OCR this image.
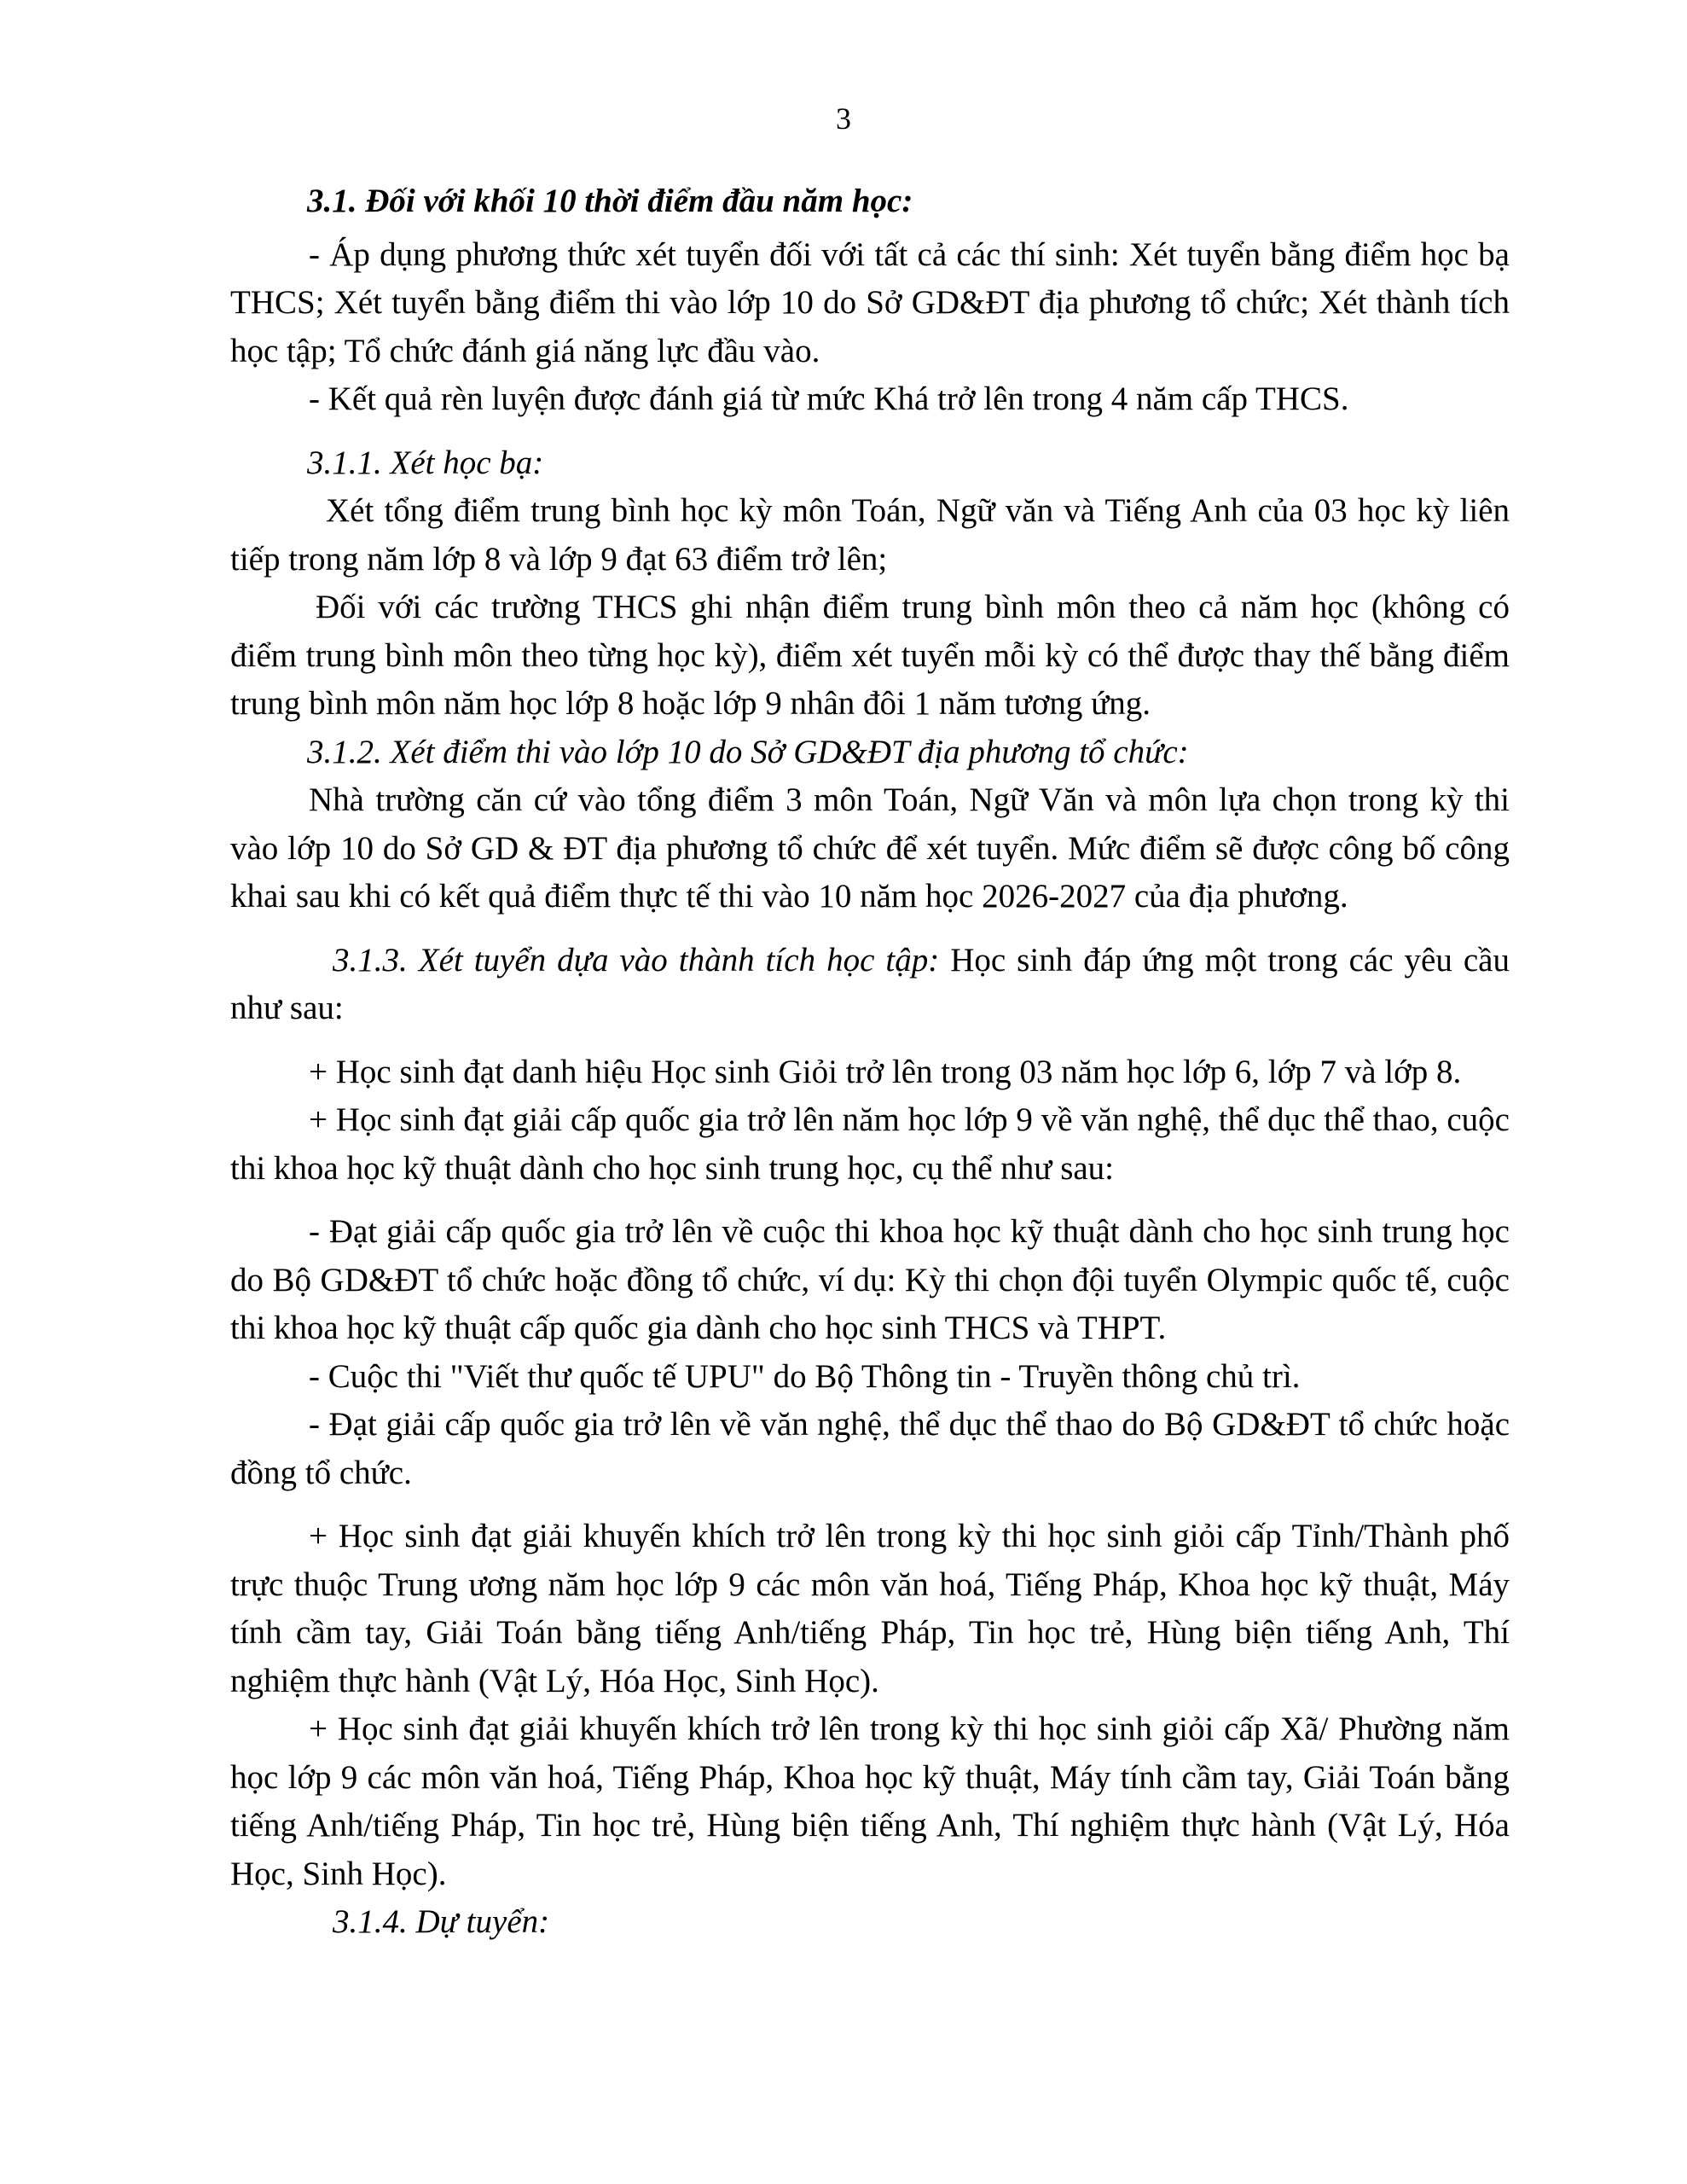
3

3.1. Đối với khối 10 thời điểm đầu năm học:

- Áp dụng phương thức xét tuyển đối với tất cả các thí sinh: Xét tuyển bằng điểm học bạ THCS; Xét tuyển bằng điểm thi vào lớp 10 do Sở GD&ĐT địa phương tổ chức; Xét thành tích học tập; Tổ chức đánh giá năng lực đầu vào.

- Kết quả rèn luyện được đánh giá từ mức Khá trở lên trong 4 năm cấp THCS.

3.1.1. Xét học bạ:

Xét tổng điểm trung bình học kỳ môn Toán, Ngữ văn và Tiếng Anh của 03 học kỳ liên tiếp trong năm lớp 8 và lớp 9 đạt 63 điểm trở lên;

Đối với các trường THCS ghi nhận điểm trung bình môn theo cả năm học (không có điểm trung bình môn theo từng học kỳ), điểm xét tuyển mỗi kỳ có thể được thay thế bằng điểm trung bình môn năm học lớp 8 hoặc lớp 9 nhân đôi 1 năm tương ứng.

3.1.2. Xét điểm thi vào lớp 10 do Sở GD&ĐT địa phương tổ chức:

Nhà trường căn cứ vào tổng điểm 3 môn Toán, Ngữ Văn và môn lựa chọn trong kỳ thi vào lớp 10 do Sở GD & ĐT địa phương tổ chức để xét tuyển. Mức điểm sẽ được công bố công khai sau khi có kết quả điểm thực tế thi vào 10 năm học 2026-2027 của địa phương.

3.1.3. Xét tuyển dựa vào thành tích học tập: Học sinh đáp ứng một trong các yêu cầu như sau:

+ Học sinh đạt danh hiệu Học sinh Giỏi trở lên trong 03 năm học lớp 6, lớp 7 và lớp 8.

+ Học sinh đạt giải cấp quốc gia trở lên năm học lớp 9 về văn nghệ, thể dục thể thao, cuộc thi khoa học kỹ thuật dành cho học sinh trung học, cụ thể như sau:

- Đạt giải cấp quốc gia trở lên về cuộc thi khoa học kỹ thuật dành cho học sinh trung học do Bộ GD&ĐT tổ chức hoặc đồng tổ chức, ví dụ: Kỳ thi chọn đội tuyển Olympic quốc tế, cuộc thi khoa học kỹ thuật cấp quốc gia dành cho học sinh THCS và THPT.

- Cuộc thi "Viết thư quốc tế UPU" do Bộ Thông tin - Truyền thông chủ trì.

- Đạt giải cấp quốc gia trở lên về văn nghệ, thể dục thể thao do Bộ GD&ĐT tổ chức hoặc đồng tổ chức.

+ Học sinh đạt giải khuyến khích trở lên trong kỳ thi học sinh giỏi cấp Tỉnh/Thành phố trực thuộc Trung ương năm học lớp 9 các môn văn hoá, Tiếng Pháp, Khoa học kỹ thuật, Máy tính cầm tay, Giải Toán bằng tiếng Anh/tiếng Pháp, Tin học trẻ, Hùng biện tiếng Anh, Thí nghiệm thực hành (Vật Lý, Hóa Học, Sinh Học).

+ Học sinh đạt giải khuyến khích trở lên trong kỳ thi học sinh giỏi cấp Xã/ Phường năm học lớp 9 các môn văn hoá, Tiếng Pháp, Khoa học kỹ thuật, Máy tính cầm tay, Giải Toán bằng tiếng Anh/tiếng Pháp, Tin học trẻ, Hùng biện tiếng Anh, Thí nghiệm thực hành (Vật Lý, Hóa Học, Sinh Học).

3.1.4. Dự tuyển:
